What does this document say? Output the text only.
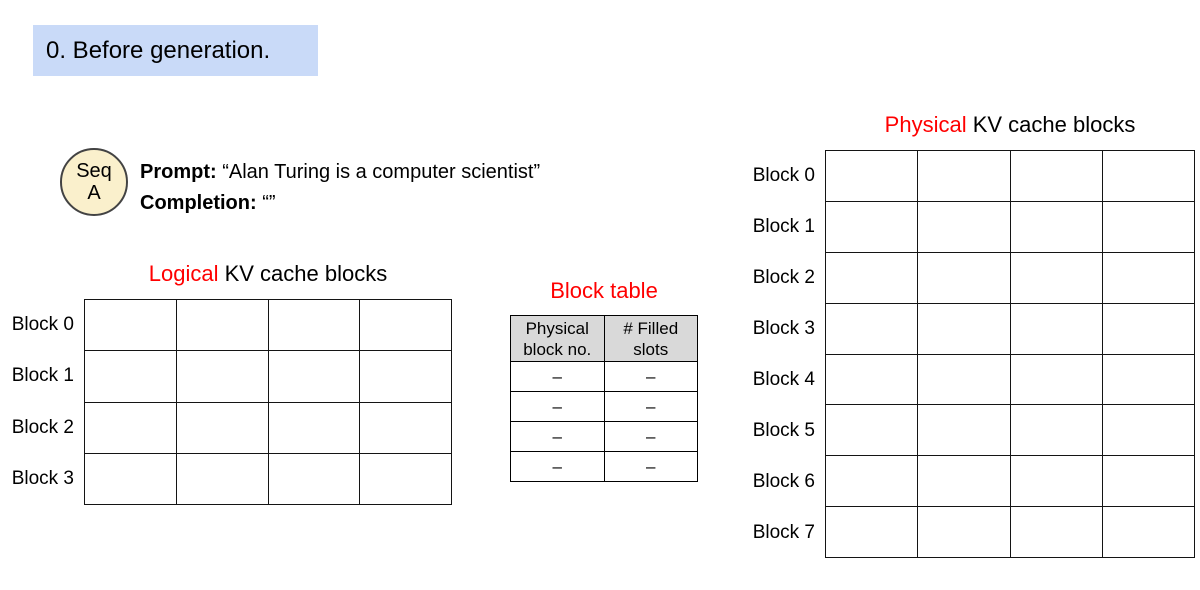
0. Before generation.
Seq
A
Prompt: “Alan Turing is a computer scientist”
Completion: “”
Logical KV cache blocks
Block 0
Block 1
Block 2
Block 3
Block table
Physical block no.	# Filled slots
–	–
–	–
–	–
–	–
Physical KV cache blocks
Block 0
Block 1
Block 2
Block 3
Block 4
Block 5
Block 6
Block 7
